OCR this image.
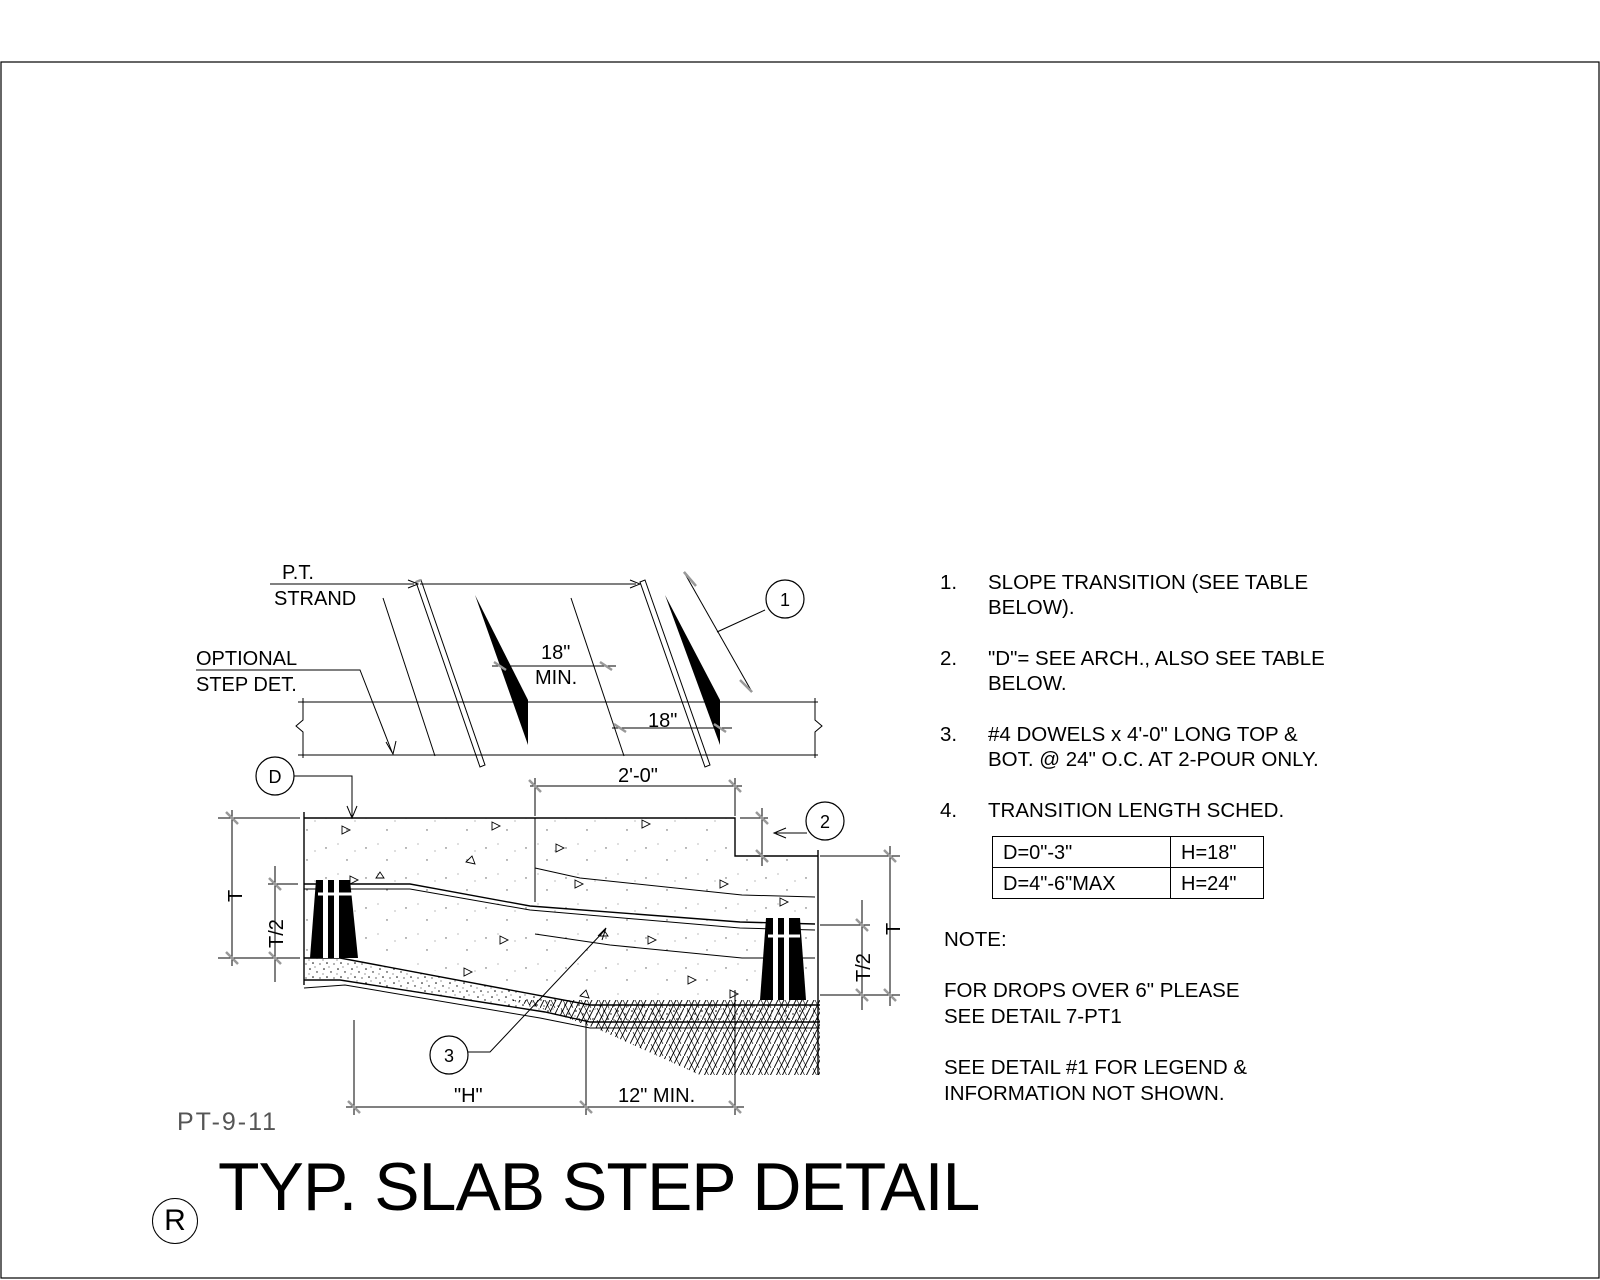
1
P.T.
STRAND
OPTIONAL
STEP DET.
18"
MIN.
18"
2'-0"
"H"	12" MIN.
T
T/2	T
T/2
D
2
3
1.	SLOPE TRANSITION (SEE TABLE
BELOW).
2.	"D"= SEE ARCH., ALSO SEE TABLE
BELOW.
3.	#4 DOWELS x 4'-0" LONG TOP &
BOT. @ 24" O.C. AT 2-POUR ONLY.
4.	TRANSITION LENGTH SCHED.
D=0"-3"	H=18"
D=4"-6"MAX	H=24"
NOTE:
FOR DROPS OVER 6" PLEASE
SEE DETAIL 7-PT1
SEE DETAIL #1 FOR LEGEND &
INFORMATION NOT SHOWN.
PT-9-11
R TYP. SLAB STEP DETAIL
